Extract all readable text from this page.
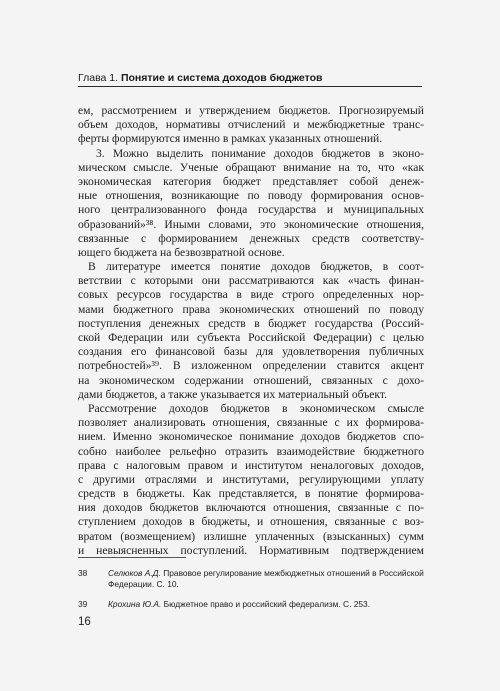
Глава 1. Понятие и система доходов бюджетов
ем, рассмотрением и утверждением бюджетов. Прогнозируемый
объем доходов, нормативы отчислений и межбюджетные транс-
ферты формируются именно в рамках указанных отношений.
3. Можно выделить понимание доходов бюджетов в эконо-
мическом смысле. Ученые обращают внимание на то, что «как
экономическая категория бюджет представляет собой денеж-
ные отношения, возникающие по поводу формирования основ-
ного централизованного фонда государства и муниципальных
образований»³⁸. Иными словами, это экономические отношения,
связанные с формированием денежных средств соответству-
ющего бюджета на безвозвратной основе.
В литературе имеется понятие доходов бюджетов, в соот-
ветствии с которыми они рассматриваются как «часть финан-
совых ресурсов государства в виде строго определенных нор-
мами бюджетного права экономических отношений по поводу
поступления денежных средств в бюджет государства (Россий-
ской Федерации или субъекта Российской Федерации) с целью
создания его финансовой базы для удовлетворения публичных
потребностей»³⁹. В изложенном определении ставится акцент
на экономическом содержании отношений, связанных с дохо-
дами бюджетов, а также указывается их материальный объект.
Рассмотрение доходов бюджетов в экономическом смысле
позволяет анализировать отношения, связанные с их формирова-
нием. Именно экономическое понимание доходов бюджетов спо-
собно наиболее рельефно отразить взаимодействие бюджетного
права с налоговым правом и институтом неналоговых доходов,
с другими отраслями и институтами, регулирующими уплату
средств в бюджеты. Как представляется, в понятие формирова-
ния доходов бюджетов включаются отношения, связанные с по-
ступлением доходов в бюджеты, и отношения, связанные с воз-
вратом (возмещением) излишне уплаченных (взысканных) сумм
и невыясненных поступлений. Нормативным подтверждением
38 Селюков А.Д. Правовое регулирование межбюджетных отношений в Российской Федерации. С. 10.
39 Крохина Ю.А. Бюджетное право и российский федерализм. С. 253.
16
